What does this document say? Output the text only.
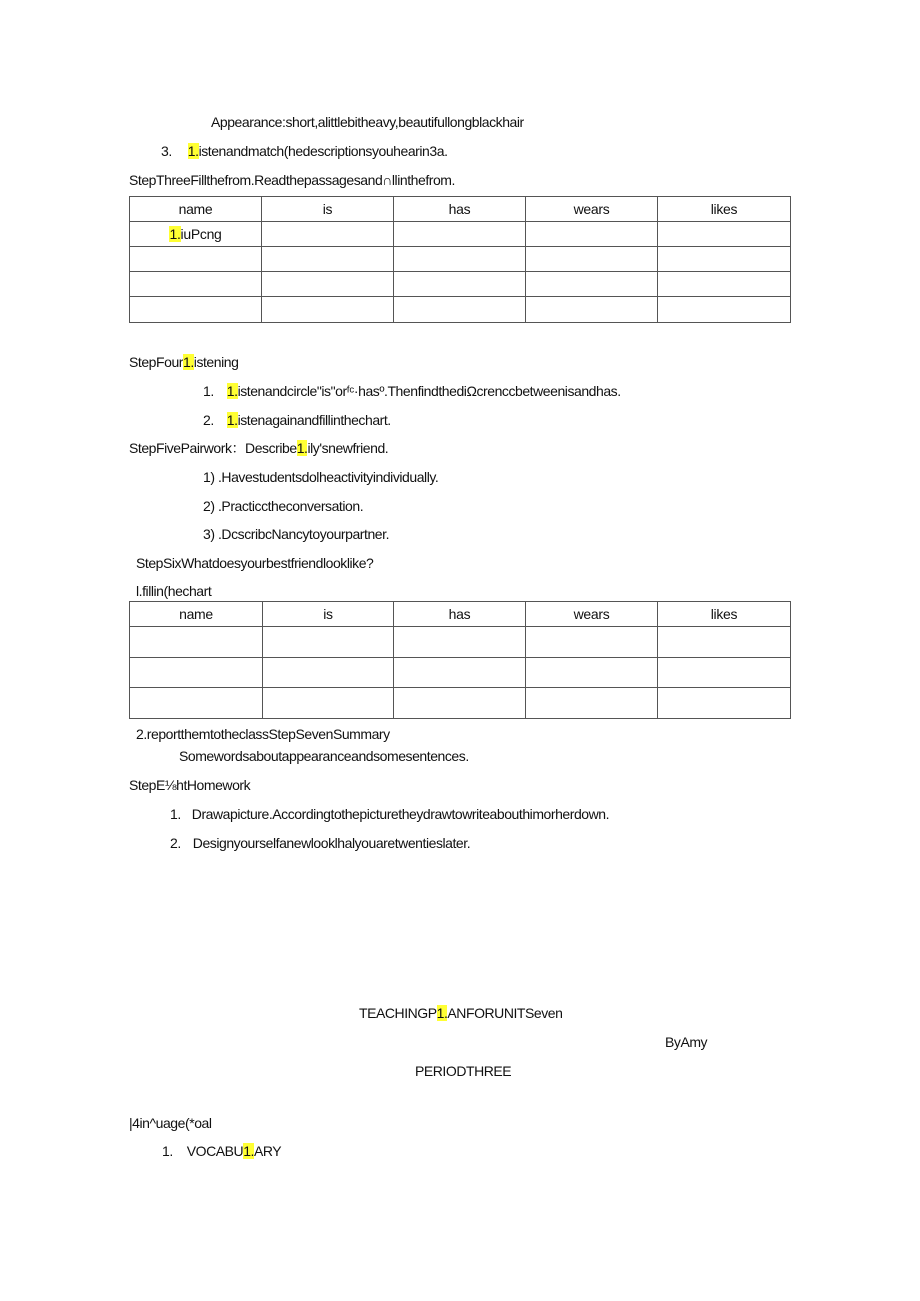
Appearance:short,alittlebitheavy,beautifullongblackhair
3. 1.istenandmatch(hedescriptionsyouhearin3a.
StepThreeFillthefrom.Readthepassagesand∩llinthefrom.
name	is	has	wears	likes
1.iuPcng				

StepFour1.istening
1. 1.istenandcircle"is"orᶠᶜ·hasº.ThenfindthediΩcrenccbetweenisandhas.
2. 1.istenagainandfillinthechart.
StepFivePairwork：Describe1.ily'snewfriend.
1) .Havestudentsdolheactivityindividually.
2) .Practicctheconversation.
3) .DcscribcNancytoyourpartner.
StepSixWhatdoesyourbestfriendlooklike?
l.fillin(hechart
name	is	has	wears	likes

2.reportthemtotheclassStepSevenSummary
Somewordsaboutappearanceandsomesentences.
StepE⅛htHomework
1. Drawapicture.Accordingtothepicturetheydrawtowriteabouthimorherdown.
2. Designyourselfanewlooklhalyouaretwentieslater.
TEACHINGP1.ANFORUNITSeven
ByAmy
PERIODTHREE
|4in^uage(*oal
1. VOCABU1.ARY
